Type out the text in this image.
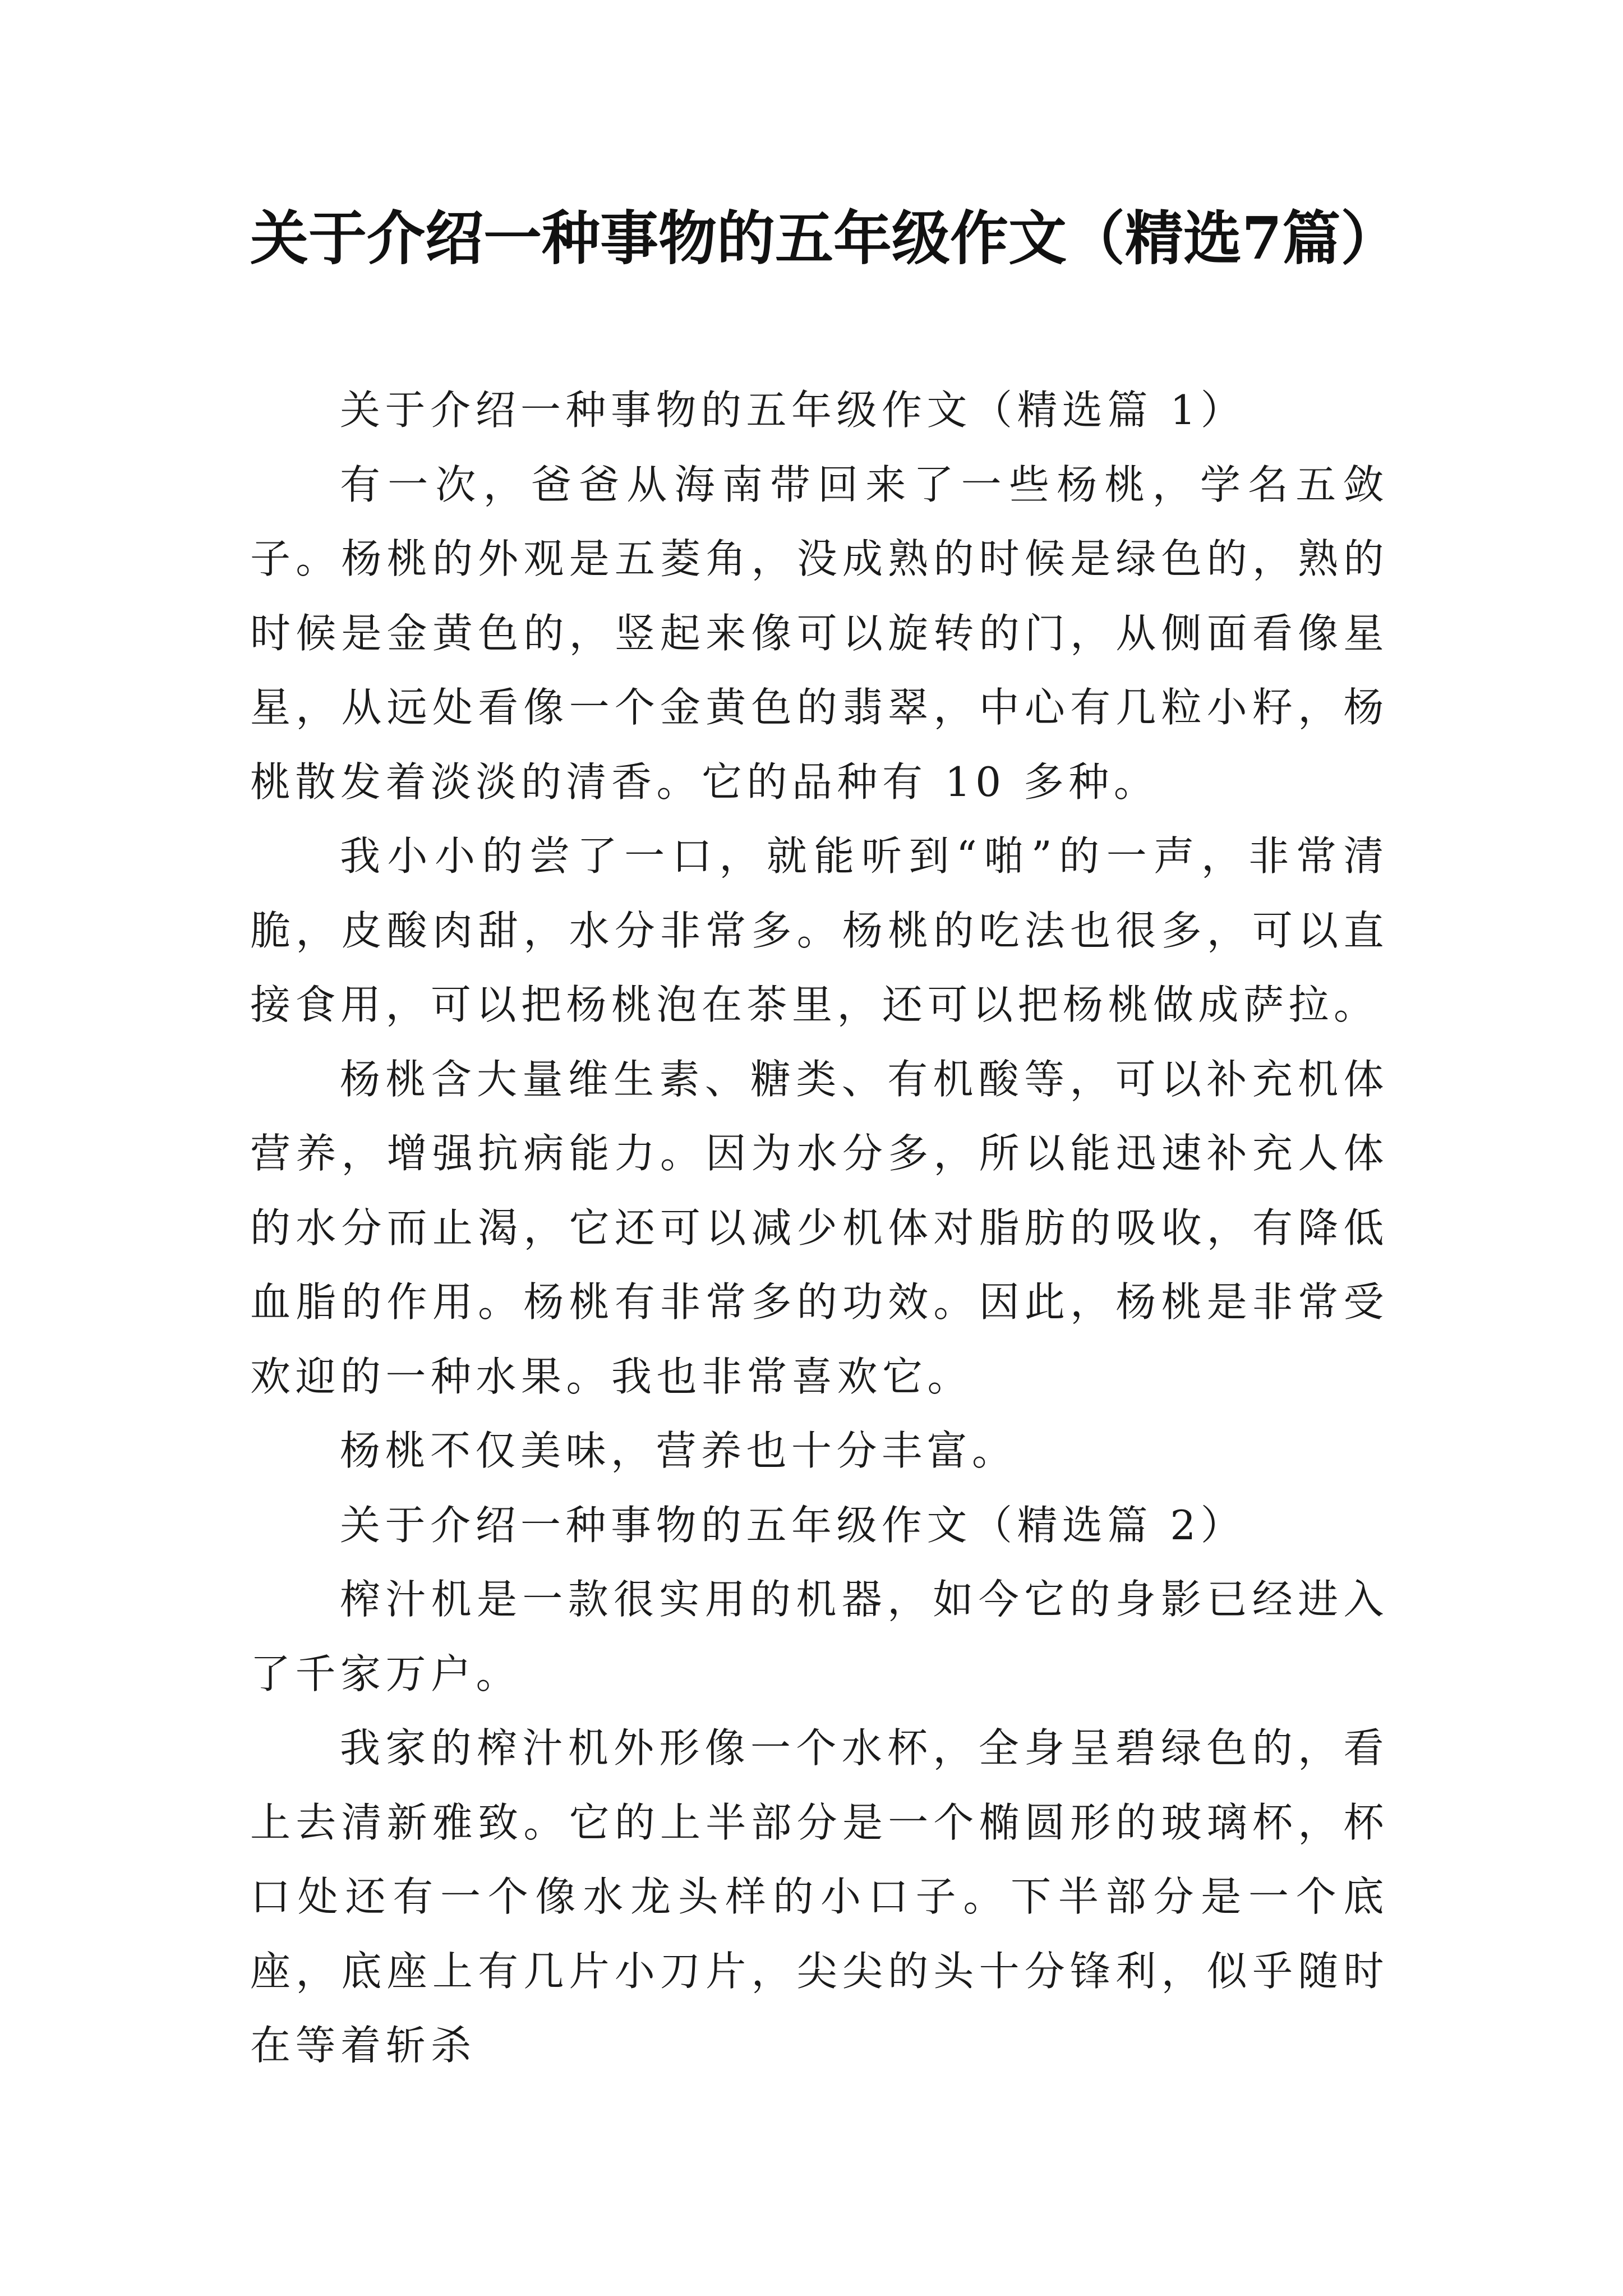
关于介绍一种事物的五年级作文（精选7篇）

关于介绍一种事物的五年级作文（精选篇 1）

有一次，爸爸从海南带回来了一些杨桃，学名五敛子。杨桃的外观是五菱角，没成熟的时候是绿色的，熟的时候是金黄色的，竖起来像可以旋转的门，从侧面看像星星，从远处看像一个金黄色的翡翠，中心有几粒小籽，杨桃散发着淡淡的清香。它的品种有 10 多种。

我小小的尝了一口，就能听到“啪”的一声，非常清脆，皮酸肉甜，水分非常多。杨桃的吃法也很多，可以直接食用，可以把杨桃泡在茶里，还可以把杨桃做成萨拉。

杨桃含大量维生素、糖类、有机酸等，可以补充机体营养，增强抗病能力。因为水分多，所以能迅速补充人体的水分而止渴，它还可以减少机体对脂肪的吸收，有降低血脂的作用。杨桃有非常多的功效。因此，杨桃是非常受欢迎的一种水果。我也非常喜欢它。

杨桃不仅美味，营养也十分丰富。

关于介绍一种事物的五年级作文（精选篇 2）

榨汁机是一款很实用的机器，如今它的身影已经进入了千家万户。

我家的榨汁机外形像一个水杯，全身呈碧绿色的，看上去清新雅致。它的上半部分是一个椭圆形的玻璃杯，杯口处还有一个像水龙头样的小口子。下半部分是一个底座，底座上有几片小刀片，尖尖的头十分锋利，似乎随时在等着斩杀
